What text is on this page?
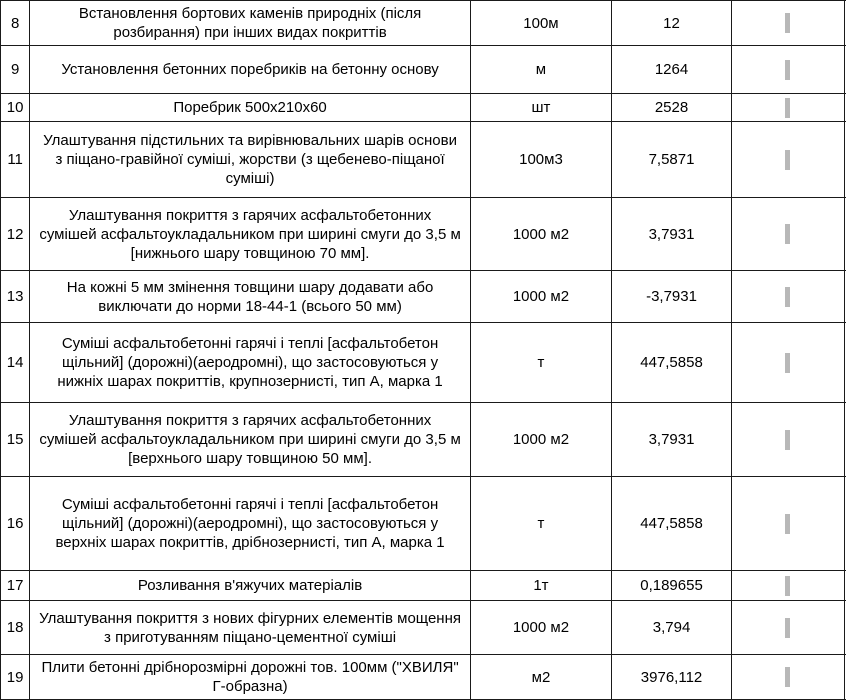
8	Встановлення бортових каменів природніх (після розбирання) при інших видах покриттів	100м	12		
9	Установлення бетонних поребриків на бетонну основу	м	1264		
10	Поребрик 500х210х60	шт	2528		
11	Улаштування підстильних та вирівнювальних шарів основи з піщано-гравійної суміші, жорстви (з щебенево-піщаної суміші)	100м3	7,5871		
12	Улаштування покриття з гарячих асфальтобетонних сумішей асфальтоукладальником при ширині смуги до 3,5 м [нижнього шару товщиною 70 мм].	1000 м2	3,7931		
13	На кожні 5 мм змінення товщини шару додавати або виключати до норми 18-44-1 (всього 50 мм)	1000 м2	-3,7931		
14	Суміші асфальтобетонні гарячі і теплі [асфальтобетон щільний] (дорожні)(аеродромні), що застосовуються у нижніх шарах покриттів, крупнозернисті, тип А, марка 1	т	447,5858		
15	Улаштування покриття з гарячих асфальтобетонних сумішей асфальтоукладальником при ширині смуги до 3,5 м [верхнього шару товщиною 50 мм].	1000 м2	3,7931		
16	Суміші асфальтобетонні гарячі і теплі [асфальтобетон щільний] (дорожні)(аеродромні), що застосовуються у верхніх шарах покриттів, дрібнозернисті, тип А, марка 1	т	447,5858		
17	Розливання в'яжучих матеріалів	1т	0,189655		
18	Улаштування покриття з нових фігурних елементів мощення з приготуванням піщано-цементної суміші	1000 м2	3,794		
19	Плити бетонні дрібнорозмірні дорожні тов. 100мм ("ХВИЛЯ" Г-образна)	м2	3976,112		
